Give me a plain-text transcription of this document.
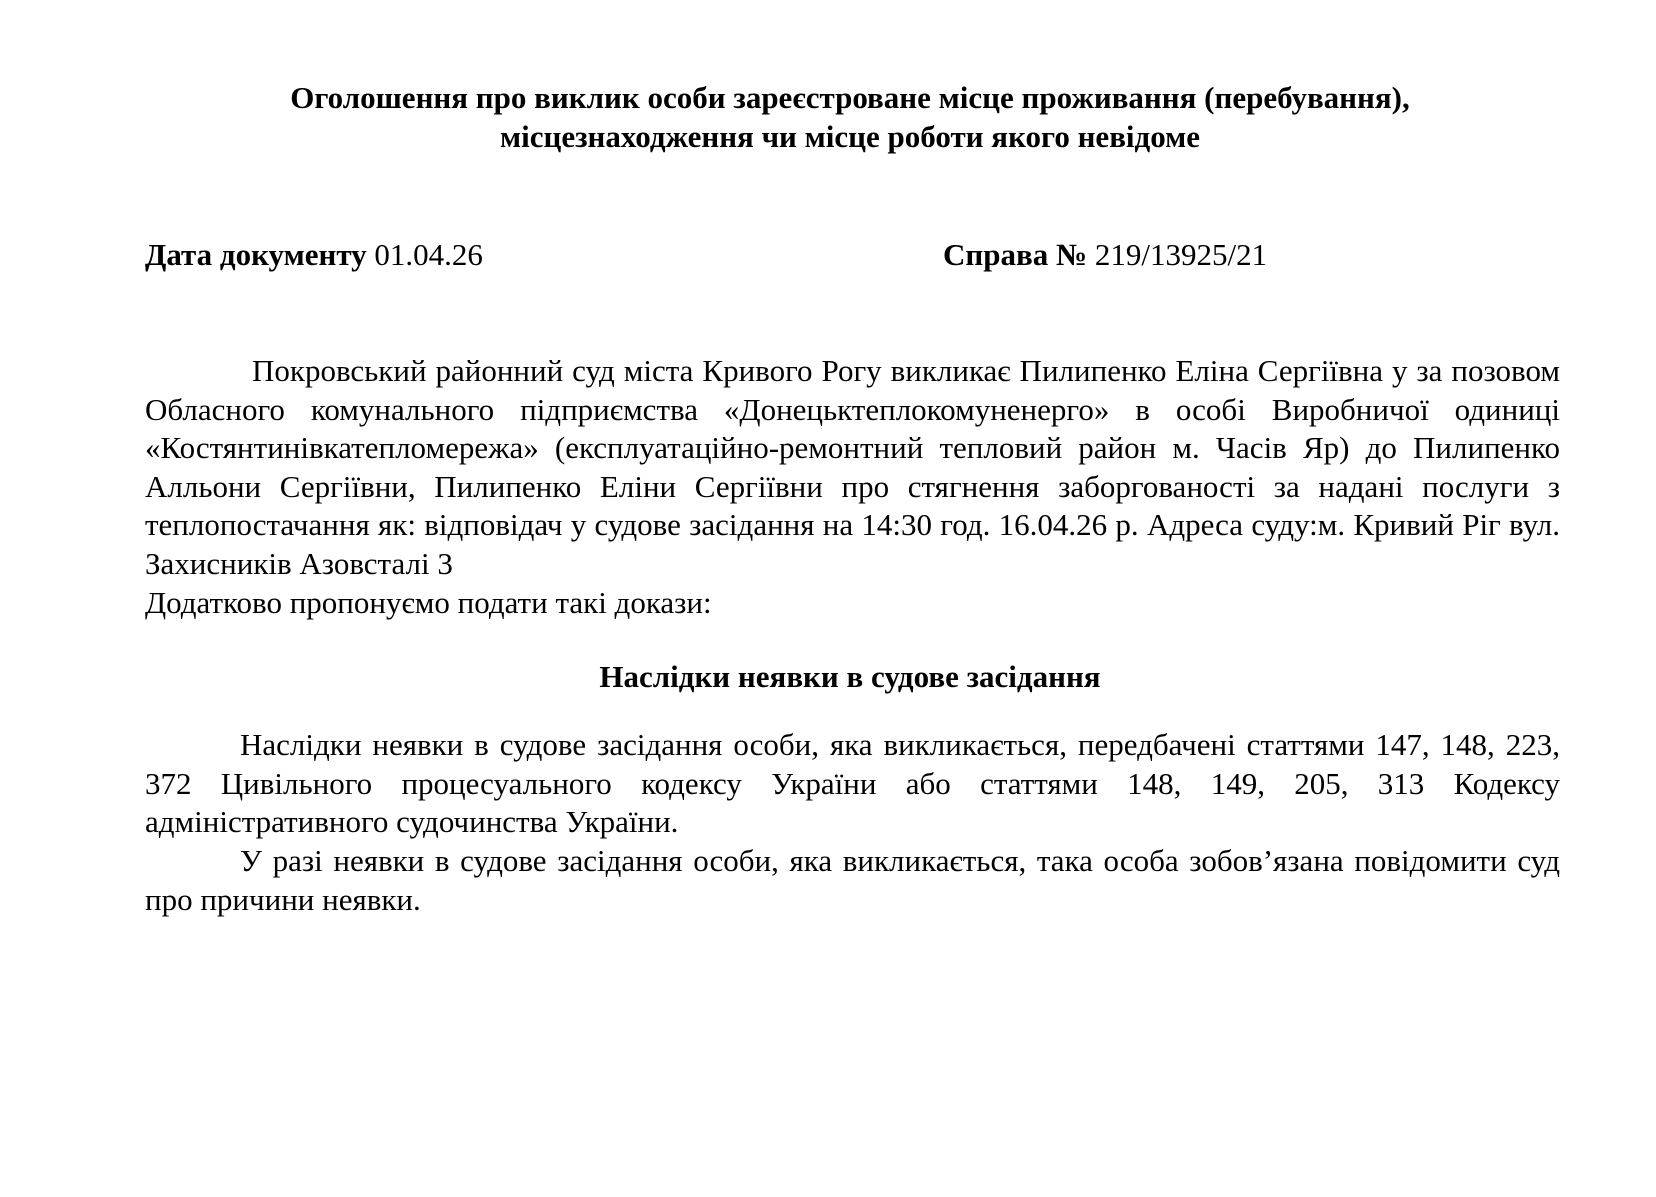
Оголошення про виклик особи зареєстроване місце проживання (перебування),
місцезнаходження чи місце роботи якого невідоме
Дата документу 01.04.26	Справа № 219/13925/21
Покровський районний суд міста Кривого Рогу викликає Пилипенко Еліна Сергіївна у за позовом Обласного комунального підприємства «Донецьктеплокомуненерго» в особі Виробничої одиниці «Костянтинівкатепломережа» (експлуатаційно-ремонтний тепловий район м. Часів Яр) до Пилипенко Алльони Сергіївни, Пилипенко Еліни Сергіївни про стягнення заборгованості за надані послуги з теплопостачання як: відповідач у судове засідання на 14:30 год. 16.04.26 р. Адреса суду:м. Кривий Ріг вул. Захисників Азовсталі 3
Додатково пропонуємо подати такі докази:
Наслідки неявки в судове засідання
Наслідки неявки в судове засідання особи, яка викликається, передбачені статтями 147, 148, 223, 372 Цивільного процесуального кодексу України або статтями 148, 149, 205, 313 Кодексу адміністративного судочинства України.
У разі неявки в судове засідання особи, яка викликається, така особа зобов’язана повідомити суд про причини неявки.
